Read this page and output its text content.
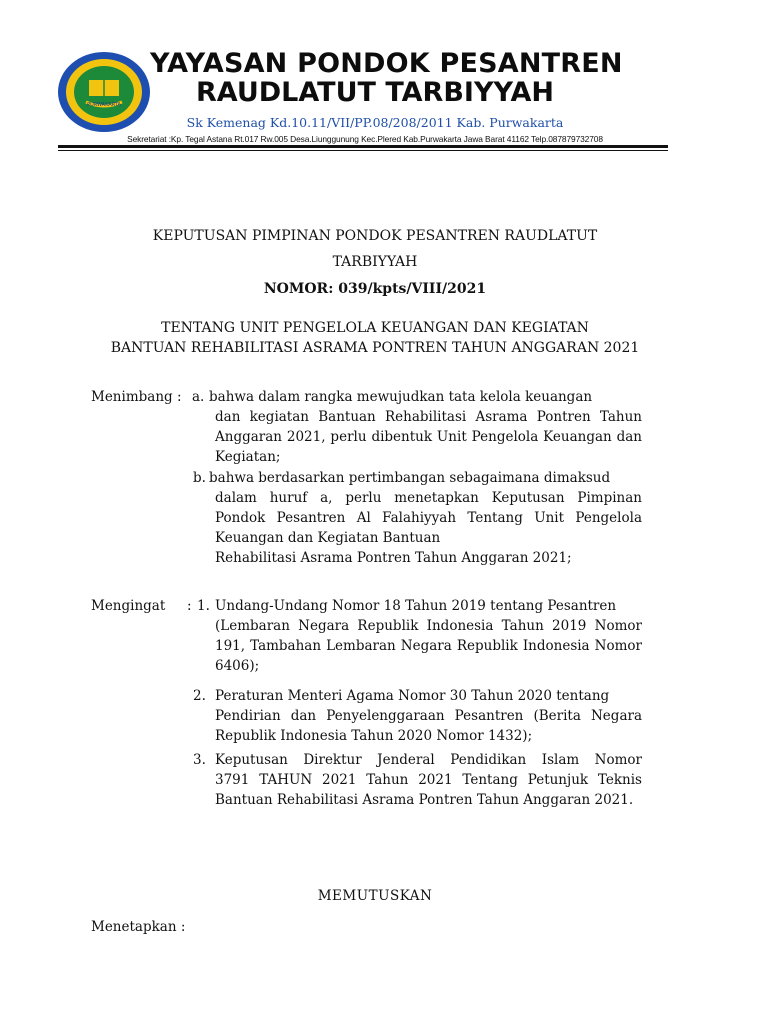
PURWAKARTA
YAYASAN PONDOK PESANTREN
RAUDLATUT TARBIYYAH
Sk Kemenag Kd.10.11/VII/PP.08/208/2011 Kab. Purwakarta
Sekretariat :Kp. Tegal Astana Rt.017 Rw.005 Desa.Liunggunung Kec.Plered Kab.Purwakarta Jawa Barat 41162 Telp.087879732708
KEPUTUSAN PIMPINAN PONDOK PESANTREN RAUDLATUT
TARBIYYAH
NOMOR: 039/kpts/VIII/2021
TENTANG UNIT PENGELOLA KEUANGAN DAN KEGIATAN
BANTUAN REHABILITASI ASRAMA PONTREN TAHUN ANGGARAN 2021
Menimbang : a. bahwa dalam rangka mewujudkan tata kelola keuangan
dan kegiatan Bantuan Rehabilitasi Asrama Pontren Tahun Anggaran 2021, perlu dibentuk Unit Pengelola Keuangan dan Kegiatan;
b. bahwa berdasarkan pertimbangan sebagaimana dimaksud
dalam huruf a, perlu menetapkan Keputusan Pimpinan Pondok Pesantren Al Falahiyyah Tentang Unit Pengelola Keuangan dan Kegiatan Bantuan
Rehabilitasi Asrama Pontren Tahun Anggaran 2021;
Mengingat : 1. Undang-Undang Nomor 18 Tahun 2019 tentang Pesantren
(Lembaran Negara Republik Indonesia Tahun 2019 Nomor 191, Tambahan Lembaran Negara Republik Indonesia Nomor 6406);
2. Peraturan Menteri Agama Nomor 30 Tahun 2020 tentang
Pendirian dan Penyelenggaraan Pesantren (Berita Negara Republik Indonesia Tahun 2020 Nomor 1432);
3. Keputusan Direktur Jenderal Pendidikan Islam Nomor
3791 TAHUN 2021 Tahun 2021 Tentang Petunjuk Teknis Bantuan Rehabilitasi Asrama Pontren Tahun Anggaran 2021.
MEMUTUSKAN
Menetapkan :
